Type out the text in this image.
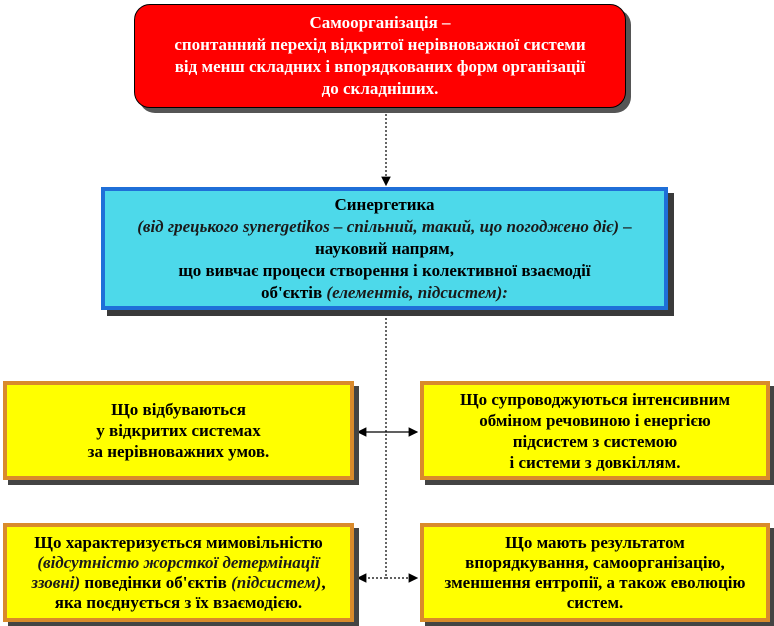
Самоорганізація –
спонтанний перехід відкритої нерівноважної системи
від менш складних і впорядкованих форм організації
до складніших.
Синергетика
(від грецького synergetikos – спільний, такий, що погоджено діє) –
науковий напрям,
що вивчає процеси створення і колективної взаємодії
об'єктів (елементів, підсистем):
Що відбуваються
у відкритих системах
за нерівноважних умов.
Що супроводжуються інтенсивним
обміном речовиною і енергією
підсистем з системою
і системи з довкіллям.
Що характеризується мимовільністю
(відсутністю жорсткої детермінації
ззовні) поведінки об'єктів (підсистем),
яка поєднується з їх взаємодією.
Що мають результатом
впорядкування, самоорганізацію,
зменшення ентропії, а також еволюцію
систем.
